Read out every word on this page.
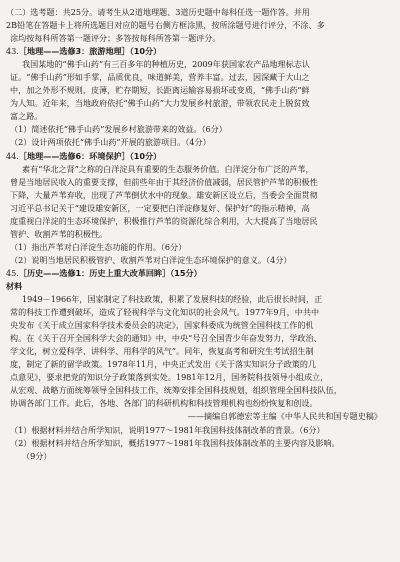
（二）选考题：共25分。请考生从2道地理题、3道历史题中每科任选一题作答。并用

2B铅笔在答题卡上将所选题目对应的题号右侧方框涂黑，按所涂题号进行评分，不涂、多

涂均按每科所答第一题评分；多答按每科所答第一题评分。

43.［地理——选修3：旅游地理］（10分）

我国某地的“佛手山药”有三百多年的种植历史，2009年获国家农产品地理标志认

证。“佛手山药”形如手掌，品质优良，味道鲜美，营养丰富。过去，因深藏于大山之

中，加之外形不规则，皮薄，贮存期短，长距离运输容易损坏或变质，“佛手山药”鲜

为人知。近年来，当地政府依托“佛手山药”大力发展乡村旅游，带领农民走上脱贫致

富之路。

（1）简述依托“佛手山药”发展乡村旅游带来的效益。（6分）

（2）设计两项依托“佛手山药”开展的旅游项目。（4分）

44.［地理——选修6：环境保护］（10分）

素有“华北之肾”之称的白洋淀具有重要的生态服务价值。白洋淀分布广泛的芦苇，

曾是当地居民收入的重要支撑，但前些年由于其经济价值减弱，居民管护芦苇的积极性

下降，大量芦苇弃收，出现了芦苇倒伏水中的现象。雄安新区设立后，当委会全面贯彻

习近平总书记关于“建设雄安新区，一定要把白洋淀修复好、保护好”的指示精神，高

度重视白洋淀的生态环境保护，积极推行芦苇的资源化综合利用，大大提高了当地居民

管护、收割芦苇的积极性。

（1）指出芦苇对白洋淀生态功能的作用。（6分）

（2）说明当地居民积极管护、收割芦苇对白洋淀生态环境保护的意义。（4分）

45.［历史——选修1：历史上重大改革回眸］（15分）

材料

1949－1966年，国家制定了科技政策，积累了发展科技的经验，此后很长时间，正

常的科技工作遭到破坏，造成了轻视科学与文化知识的社会风气。1977年9月，中共中

央发布《关于成立国家科学技术委员会的决定》，国家科委成为统管全国科技工作的机

构。在《关于召开全国科学大会的通知》中，中央“号召全国青少年奋发努力，学政治、

学文化，树立爱科学、讲科学、用科学的风气”。同年，恢复高考和研究生考试招生制

度，制定了新的留学政策。1978年11月，中央正式发出《关于落实知识分子政策的几

点意见》，要求把党的知识分子政策落到实处。1981年12月，国务院科技领导小组成立，

从宏观、战略方面统筹领导全国科技工作，统筹安排全国科技规划，组织管理全国科技队伍，

协调各部门工作。此后，各地、各部门的科研机构和科技管理机构也纷纷恢复和创设。

——摘编自郭德宏等主编《中华人民共和国专题史稿》

（1）根据材料并结合所学知识，说明1977～1981年我国科技体制改革的背景。（6分）

（2）根据材料并结合所学知识，概括1977～1981年我国科技体制改革的主要内容及影响。

（9分）
